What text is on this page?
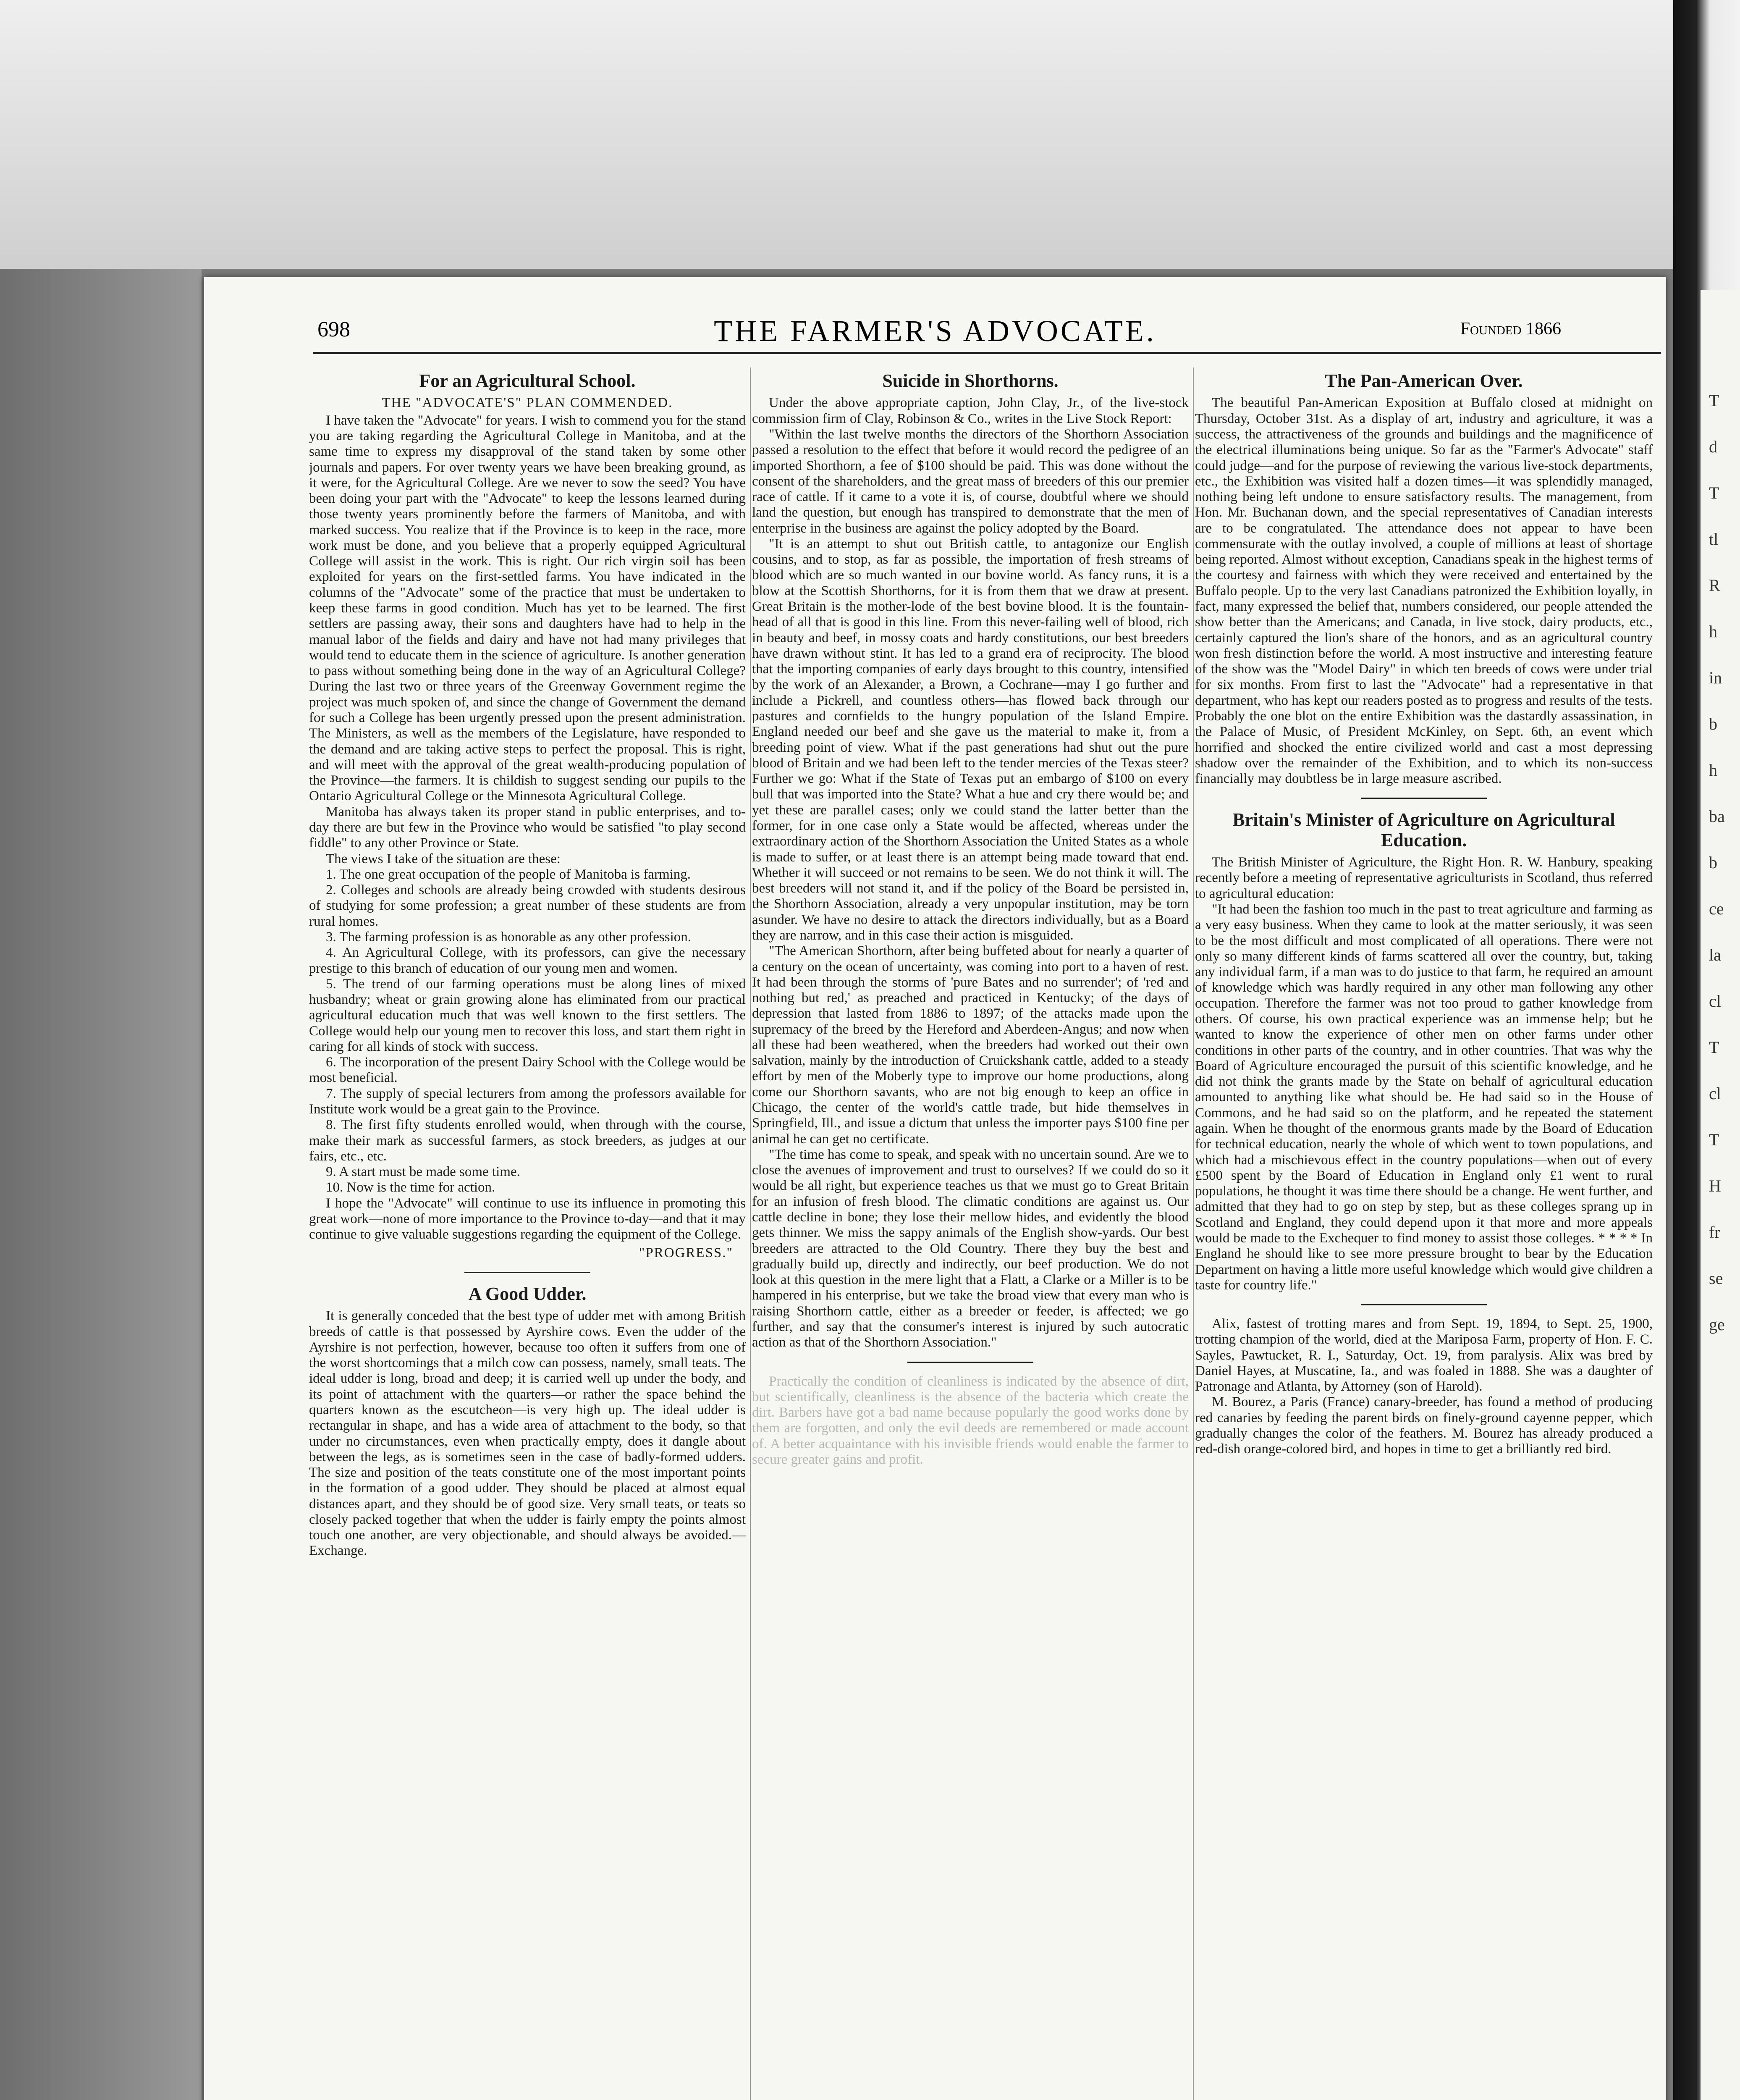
698	THE FARMER'S ADVOCATE.	Founded 1866
For an Agricultural School.
THE "ADVOCATE'S" PLAN COMMENDED.

I have taken the "Advocate" for years. I wish to commend you for the stand you are taking regarding the Agricultural College in Manitoba, and at the same time to express my disapproval of the stand taken by some other journals and papers. For over twenty years we have been breaking ground, as it were, for the Agricultural College. Are we never to sow the seed? You have been doing your part with the "Advocate" to keep the lessons learned during those twenty years prominently before the farmers of Manitoba, and with marked success. You realize that if the Province is to keep in the race, more work must be done, and you believe that a properly equipped Agricultural College will assist in the work. This is right. Our rich virgin soil has been exploited for years on the first-settled farms. You have indicated in the columns of the "Advocate" some of the practice that must be undertaken to keep these farms in good condition. Much has yet to be learned. The first settlers are passing away, their sons and daughters have had to help in the manual labor of the fields and dairy and have not had many privileges that would tend to educate them in the science of agriculture. Is another generation to pass without something being done in the way of an Agricultural College? During the last two or three years of the Greenway Government regime the project was much spoken of, and since the change of Government the demand for such a College has been urgently pressed upon the present administration. The Ministers, as well as the members of the Legislature, have responded to the demand and are taking active steps to perfect the proposal. This is right, and will meet with the approval of the great wealth-producing population of the Province—the farmers. It is childish to suggest sending our pupils to the Ontario Agricultural College or the Minnesota Agricultural College.

Manitoba has always taken its proper stand in public enterprises, and to-day there are but few in the Province who would be satisfied "to play second fiddle" to any other Province or State.

The views I take of the situation are these:

1. The one great occupation of the people of Manitoba is farming.

2. Colleges and schools are already being crowded with students desirous of studying for some profession; a great number of these students are from rural homes.

3. The farming profession is as honorable as any other profession.

4. An Agricultural College, with its professors, can give the necessary prestige to this branch of education of our young men and women.

5. The trend of our farming operations must be along lines of mixed husbandry; wheat or grain growing alone has eliminated from our practical agricultural education much that was well known to the first settlers. The College would help our young men to recover this loss, and start them right in caring for all kinds of stock with success.

6. The incorporation of the present Dairy School with the College would be most beneficial.

7. The supply of special lecturers from among the professors available for Institute work would be a great gain to the Province.

8. The first fifty students enrolled would, when through with the course, make their mark as successful farmers, as stock breeders, as judges at our fairs, etc., etc.

9. A start must be made some time.

10. Now is the time for action.

I hope the "Advocate" will continue to use its influence in promoting this great work—none of more importance to the Province to-day—and that it may continue to give valuable suggestions regarding the equipment of the College.

"PROGRESS."
A Good Udder.

It is generally conceded that the best type of udder met with among British breeds of cattle is that possessed by Ayrshire cows. Even the udder of the Ayrshire is not perfection, however, because too often it suffers from one of the worst shortcomings that a milch cow can possess, namely, small teats. The ideal udder is long, broad and deep; it is carried well up under the body, and its point of attachment with the quarters—or rather the space behind the quarters known as the escutcheon—is very high up. The ideal udder is rectangular in shape, and has a wide area of attachment to the body, so that under no circumstances, even when practically empty, does it dangle about between the legs, as is sometimes seen in the case of badly-formed udders. The size and position of the teats constitute one of the most important points in the formation of a good udder. They should be placed at almost equal distances apart, and they should be of good size. Very small teats, or teats so closely packed together that when the udder is fairly empty the points almost touch one another, are very objectionable, and should always be avoided.—Exchange.

Suicide in Shorthorns.

Under the above appropriate caption, John Clay, Jr., of the live-stock commission firm of Clay, Robinson & Co., writes in the Live Stock Report:

"Within the last twelve months the directors of the Shorthorn Association passed a resolution to the effect that before it would record the pedigree of an imported Shorthorn, a fee of $100 should be paid. This was done without the consent of the shareholders, and the great mass of breeders of this our premier race of cattle. If it came to a vote it is, of course, doubtful where we should land the question, but enough has transpired to demonstrate that the men of enterprise in the business are against the policy adopted by the Board.

"It is an attempt to shut out British cattle, to antagonize our English cousins, and to stop, as far as possible, the importation of fresh streams of blood which are so much wanted in our bovine world. As fancy runs, it is a blow at the Scottish Shorthorns, for it is from them that we draw at present. Great Britain is the mother-lode of the best bovine blood. It is the fountain-head of all that is good in this line. From this never-failing well of blood, rich in beauty and beef, in mossy coats and hardy constitutions, our best breeders have drawn without stint. It has led to a grand era of reciprocity. The blood that the importing companies of early days brought to this country, intensified by the work of an Alexander, a Brown, a Cochrane—may I go further and include a Pickrell, and countless others—has flowed back through our pastures and cornfields to the hungry population of the Island Empire. England needed our beef and she gave us the material to make it, from a breeding point of view. What if the past generations had shut out the pure blood of Britain and we had been left to the tender mercies of the Texas steer? Further we go: What if the State of Texas put an embargo of $100 on every bull that was imported into the State? What a hue and cry there would be; and yet these are parallel cases; only we could stand the latter better than the former, for in one case only a State would be affected, whereas under the extraordinary action of the Shorthorn Association the United States as a whole is made to suffer, or at least there is an attempt being made toward that end. Whether it will succeed or not remains to be seen. We do not think it will. The best breeders will not stand it, and if the policy of the Board be persisted in, the Shorthorn Association, already a very unpopular institution, may be torn asunder. We have no desire to attack the directors individually, but as a Board they are narrow, and in this case their action is misguided.

"The American Shorthorn, after being buffeted about for nearly a quarter of a century on the ocean of uncertainty, was coming into port to a haven of rest. It had been through the storms of 'pure Bates and no surrender'; of 'red and nothing but red,' as preached and practiced in Kentucky; of the days of depression that lasted from 1886 to 1897; of the attacks made upon the supremacy of the breed by the Hereford and Aberdeen-Angus; and now when all these had been weathered, when the breeders had worked out their own salvation, mainly by the introduction of Cruickshank cattle, added to a steady effort by men of the Moberly type to improve our home productions, along come our Shorthorn savants, who are not big enough to keep an office in Chicago, the center of the world's cattle trade, but hide themselves in Springfield, Ill., and issue a dictum that unless the importer pays $100 fine per animal he can get no certificate.

"The time has come to speak, and speak with no uncertain sound. Are we to close the avenues of improvement and trust to ourselves? If we could do so it would be all right, but experience teaches us that we must go to Great Britain for an infusion of fresh blood. The climatic conditions are against us. Our cattle decline in bone; they lose their mellow hides, and evidently the blood gets thinner. We miss the sappy animals of the English show-yards. Our best breeders are attracted to the Old Country. There they buy the best and gradually build up, directly and indirectly, our beef production. We do not look at this question in the mere light that a Flatt, a Clarke or a Miller is to be hampered in his enterprise, but we take the broad view that every man who is raising Shorthorn cattle, either as a breeder or feeder, is affected; we go further, and say that the consumer's interest is injured by such autocratic action as that of the Shorthorn Association."

Practically the condition of cleanliness is indicated by the absence of dirt, but scientifically, cleanliness is the absence of the bacteria which create the dirt. Barbers have got a bad name because popularly the good works done by them are forgotten, and only the evil deeds are remembered or made account of. A better acquaintance with his invisible friends would enable the farmer to secure greater gains and profit.

The Pan-American Over.

The beautiful Pan-American Exposition at Buffalo closed at midnight on Thursday, October 31st. As a display of art, industry and agriculture, it was a success, the attractiveness of the grounds and buildings and the magnificence of the electrical illuminations being unique. So far as the "Farmer's Advocate" staff could judge—and for the purpose of reviewing the various live-stock departments, etc., the Exhibition was visited half a dozen times—it was splendidly managed, nothing being left undone to ensure satisfactory results. The management, from Hon. Mr. Buchanan down, and the special representatives of Canadian interests are to be congratulated. The attendance does not appear to have been commensurate with the outlay involved, a couple of millions at least of shortage being reported. Almost without exception, Canadians speak in the highest terms of the courtesy and fairness with which they were received and entertained by the Buffalo people. Up to the very last Canadians patronized the Exhibition loyally, in fact, many expressed the belief that, numbers considered, our people attended the show better than the Americans; and Canada, in live stock, dairy products, etc., certainly captured the lion's share of the honors, and as an agricultural country won fresh distinction before the world. A most instructive and interesting feature of the show was the "Model Dairy" in which ten breeds of cows were under trial for six months. From first to last the "Advocate" had a representative in that department, who has kept our readers posted as to progress and results of the tests. Probably the one blot on the entire Exhibition was the dastardly assassination, in the Palace of Music, of President McKinley, on Sept. 6th, an event which horrified and shocked the entire civilized world and cast a most depressing shadow over the remainder of the Exhibition, and to which its non-success financially may doubtless be in large measure ascribed.

Britain's Minister of Agriculture on Agricultural Education.

The British Minister of Agriculture, the Right Hon. R. W. Hanbury, speaking recently before a meeting of representative agriculturists in Scotland, thus referred to agricultural education:

"It had been the fashion too much in the past to treat agriculture and farming as a very easy business. When they came to look at the matter seriously, it was seen to be the most difficult and most complicated of all operations. There were not only so many different kinds of farms scattered all over the country, but, taking any individual farm, if a man was to do justice to that farm, he required an amount of knowledge which was hardly required in any other man following any other occupation. Therefore the farmer was not too proud to gather knowledge from others. Of course, his own practical experience was an immense help; but he wanted to know the experience of other men on other farms under other conditions in other parts of the country, and in other countries. That was why the Board of Agriculture encouraged the pursuit of this scientific knowledge, and he did not think the grants made by the State on behalf of agricultural education amounted to anything like what should be. He had said so in the House of Commons, and he had said so on the platform, and he repeated the statement again. When he thought of the enormous grants made by the Board of Education for technical education, nearly the whole of which went to town populations, and which had a mischievous effect in the country populations—when out of every £500 spent by the Board of Education in England only £1 went to rural populations, he thought it was time there should be a change. He went further, and admitted that they had to go on step by step, but as these colleges sprang up in Scotland and England, they could depend upon it that more and more appeals would be made to the Exchequer to find money to assist those colleges. * * * * In England he should like to see more pressure brought to bear by the Education Department on having a little more useful knowledge which would give children a taste for country life."

Alix, fastest of trotting mares and from Sept. 19, 1894, to Sept. 25, 1900, trotting champion of the world, died at the Mariposa Farm, property of Hon. F. C. Sayles, Pawtucket, R. I., Saturday, Oct. 19, from paralysis. Alix was bred by Daniel Hayes, at Muscatine, Ia., and was foaled in 1888. She was a daughter of Patronage and Atlanta, by Attorney (son of Harold).

M. Bourez, a Paris (France) canary-breeder, has found a method of producing red canaries by feeding the parent birds on finely-ground cayenne pepper, which gradually changes the color of the feathers. M. Bourez has already produced a red-dish orange-colored bird, and hopes in time to get a brilliantly red bird.

T
d
T
tl
R
h
in
b
h
ba
b
ce
la
cl
T
cl
T
H
fr
se
ge
